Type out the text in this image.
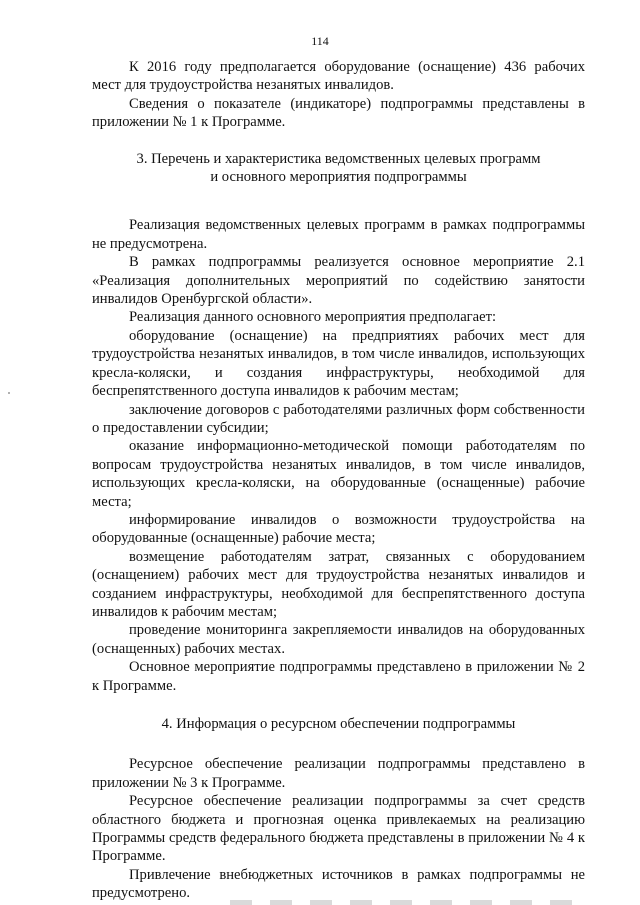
114

К 2016 году предполагается оборудование (оснащение) 436 рабочих мест для трудоустройства незанятых инвалидов.

Сведения о показателе (индикаторе) подпрограммы представлены в приложении № 1 к Программе.

3. Перечень и характеристика ведомственных целевых программ
и основного мероприятия подпрограммы

Реализация ведомственных целевых программ в рамках подпрограммы не предусмотрена.

В рамках подпрограммы реализуется основное мероприятие 2.1 «Реализация дополнительных мероприятий по содействию занятости инвалидов Оренбургской области».

Реализация данного основного мероприятия предполагает:

оборудование (оснащение) на предприятиях рабочих мест для трудоустройства незанятых инвалидов, в том числе инвалидов, использующих кресла-коляски, и создания инфраструктуры, необходимой для беспрепятственного доступа инвалидов к рабочим местам;

заключение договоров с работодателями различных форм собственности о предоставлении субсидии;

оказание информационно-методической помощи работодателям по вопросам трудоустройства незанятых инвалидов, в том числе инвалидов, использующих кресла-коляски, на оборудованные (оснащенные) рабочие места;

информирование инвалидов о возможности трудоустройства на оборудованные (оснащенные) рабочие места;

возмещение работодателям затрат, связанных с оборудованием (оснащением) рабочих мест для трудоустройства незанятых инвалидов и созданием инфраструктуры, необходимой для беспрепятственного доступа инвалидов к рабочим местам;

проведение мониторинга закрепляемости инвалидов на оборудованных (оснащенных) рабочих местах.

Основное мероприятие подпрограммы представлено в приложении № 2 к Программе.

4. Информация о ресурсном обеспечении подпрограммы

Ресурсное обеспечение реализации подпрограммы представлено в приложении № 3 к Программе.

Ресурсное обеспечение реализации подпрограммы за счет средств областного бюджета и прогнозная оценка привлекаемых на реализацию Программы средств федерального бюджета представлены в приложении № 4 к Программе.

Привлечение внебюджетных источников в рамках подпрограммы не предусмотрено.
